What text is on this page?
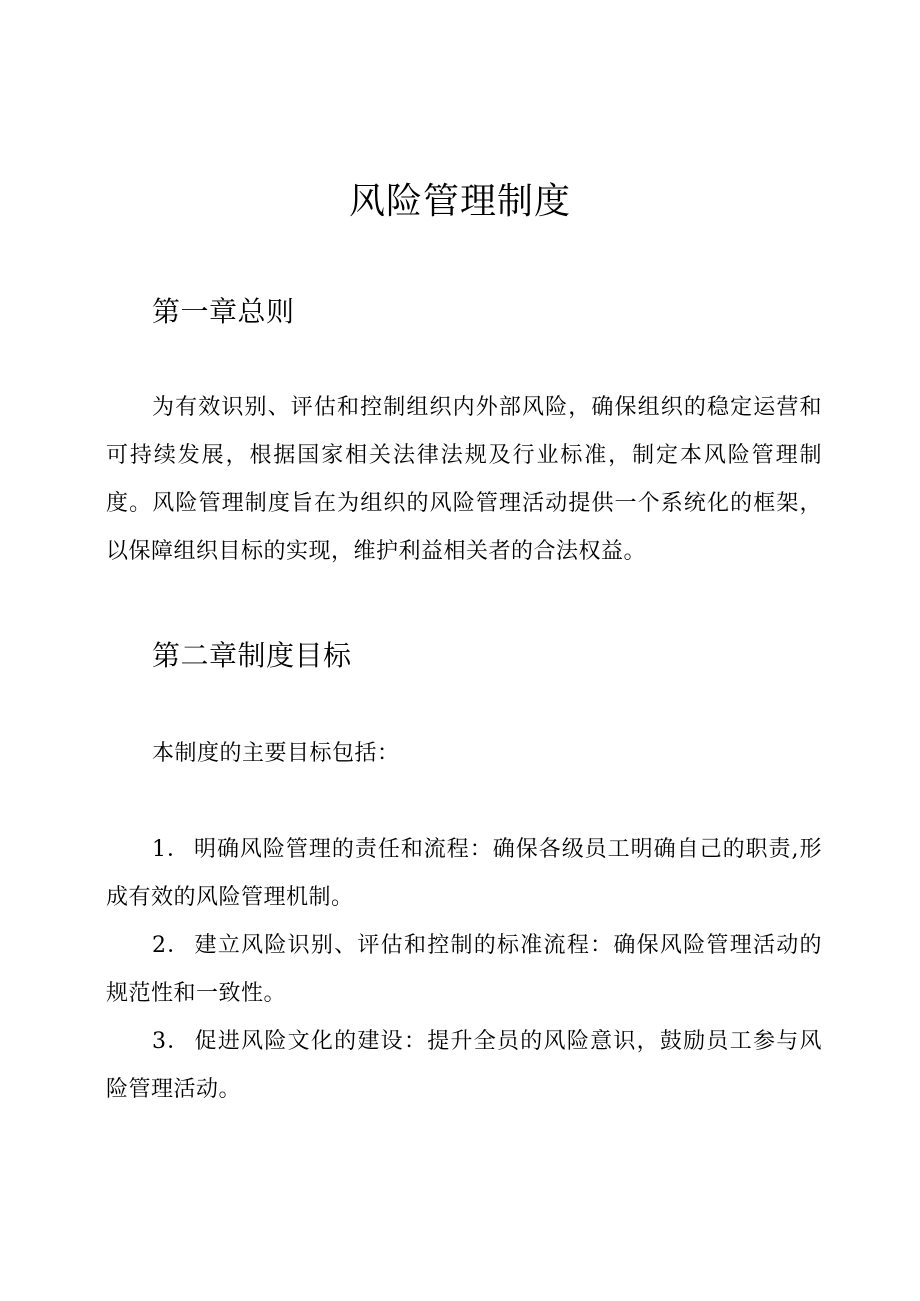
风险管理制度
第一章总则

为有效识别、评估和控制组织内外部风险，确保组织的稳定运营和可持续发展，根据国家相关法律法规及行业标准，制定本风险管理制度。风险管理制度旨在为组织的风险管理活动提供一个系统化的框架，以保障组织目标的实现，维护利益相关者的合法权益。

第二章制度目标

本制度的主要目标包括：

1． 明确风险管理的责任和流程：确保各级员工明确自己的职责,形成有效的风险管理机制。

2． 建立风险识别、评估和控制的标准流程：确保风险管理活动的规范性和一致性。

3． 促进风险文化的建设：提升全员的风险意识，鼓励员工参与风险管理活动。
